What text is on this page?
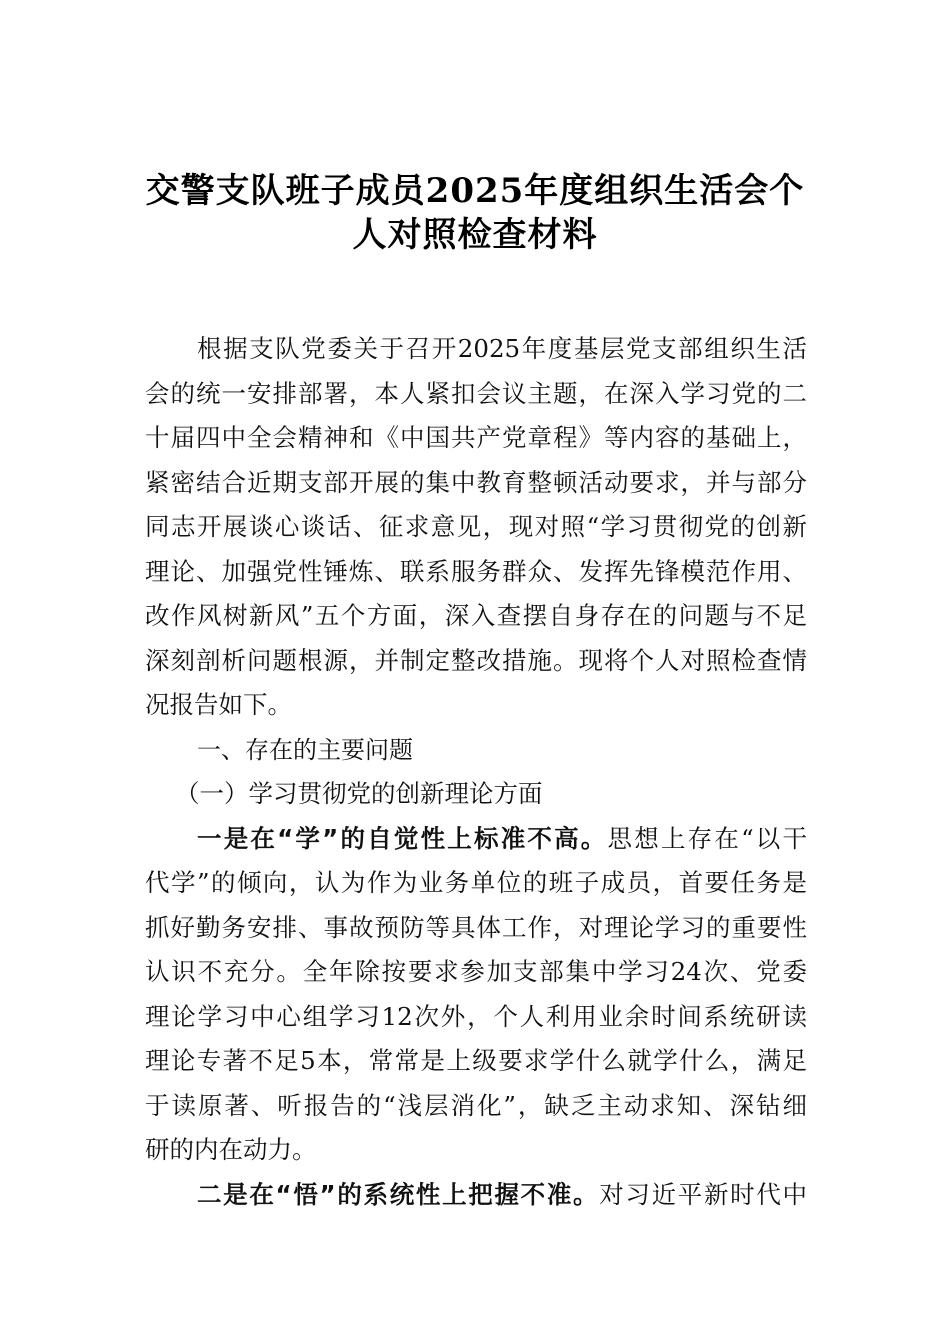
交警支队班子成员2025年度组织生活会个
人对照检查材料
根据支队党委关于召开2025年度基层党支部组织生活
会的统一安排部署，本人紧扣会议主题，在深入学习党的二
十届四中全会精神和《中国共产党章程》等内容的基础上，
紧密结合近期支部开展的集中教育整顿活动要求，并与部分
同志开展谈心谈话、征求意见，现对照“学习贯彻党的创新
理论、加强党性锤炼、联系服务群众、发挥先锋模范作用、
改作风树新风”五个方面，深入查摆自身存在的问题与不足
深刻剖析问题根源，并制定整改措施。现将个人对照检查情
况报告如下。
一、存在的主要问题
（一）学习贯彻党的创新理论方面
一是在“学”的自觉性上标准不高。思想上存在“以干
代学”的倾向，认为作为业务单位的班子成员，首要任务是
抓好勤务安排、事故预防等具体工作，对理论学习的重要性
认识不充分。全年除按要求参加支部集中学习24次、党委
理论学习中心组学习12次外，个人利用业余时间系统研读
理论专著不足5本，常常是上级要求学什么就学什么，满足
于读原著、听报告的“浅层消化”，缺乏主动求知、深钻细
研的内在动力。
二是在“悟”的系统性上把握不准。对习近平新时代中
